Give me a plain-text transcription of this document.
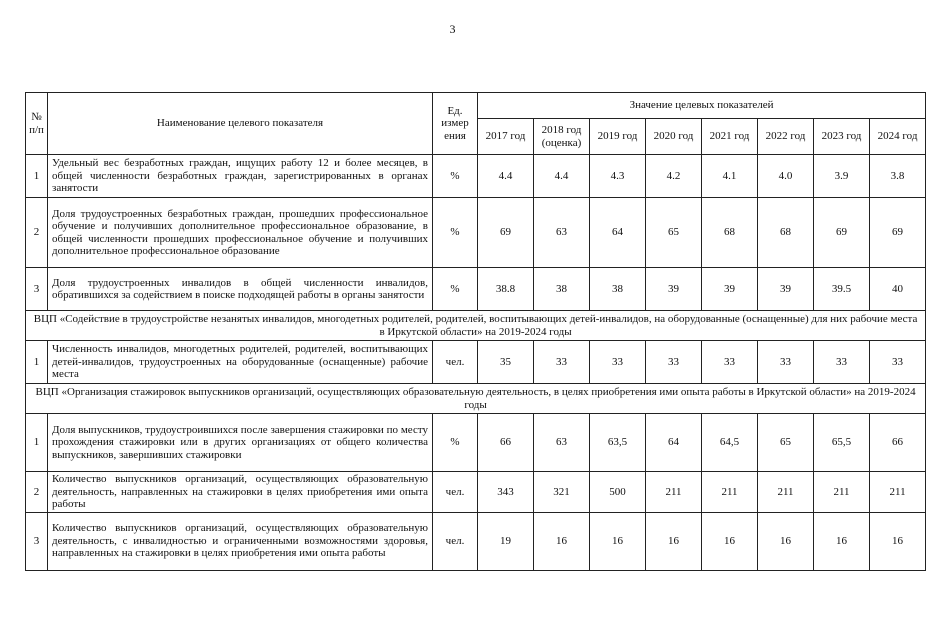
3
№ п/п	Наименование целевого показателя	Ед. измер ения	Значение целевых показателей							
			2017 год	2018 год (оценка)	2019 год	2020 год	2021 год	2022 год	2023 год	2024 год
1	Удельный вес безработных граждан, ищущих работу 12 и более месяцев, в общей численности безработных граждан, зарегистрированных в органах занятости	%	4.4	4.4	4.3	4.2	4.1	4.0	3.9	3.8
2	Доля трудоустроенных безработных граждан, прошедших профессиональное обучение и получивших дополнительное профессиональное образование, в общей численности прошедших профессиональное обучение и получивших дополнительное профессиональное образование	%	69	63	64	65	68	68	69	69
3	Доля трудоустроенных инвалидов в общей численности инвалидов, обратившихся за содействием в поиске подходящей работы в органы занятости	%	38.8	38	38	39	39	39	39.5	40
ВЦП «Содействие в трудоустройстве незанятых инвалидов, многодетных родителей, родителей, воспитывающих детей-инвалидов, на оборудованные (оснащенные) для них рабочие места в Иркутской области» на 2019-2024 годы										
1	Численность инвалидов, многодетных родителей, родителей, воспитывающих детей-инвалидов, трудоустроенных на оборудованные (оснащенные) рабочие места	чел.	35	33	33	33	33	33	33	33
ВЦП «Организация стажировок выпускников организаций, осуществляющих образовательную деятельность, в целях приобретения ими опыта работы в Иркутской области» на 2019-2024 годы										
1	Доля выпускников, трудоустроившихся после завершения стажировки по месту прохождения стажировки или в других организациях от общего количества выпускников, завершивших стажировки	%	66	63	63,5	64	64,5	65	65,5	66
2	Количество выпускников организаций, осуществляющих образовательную деятельность, направленных на стажировки в целях приобретения ими опыта работы	чел.	343	321	500	211	211	211	211	211
3	Количество выпускников организаций, осуществляющих образовательную деятельность, с инвалидностью и ограниченными возможностями здоровья, направленных на стажировки в целях приобретения ими опыта работы	чел.	19	16	16	16	16	16	16	16
